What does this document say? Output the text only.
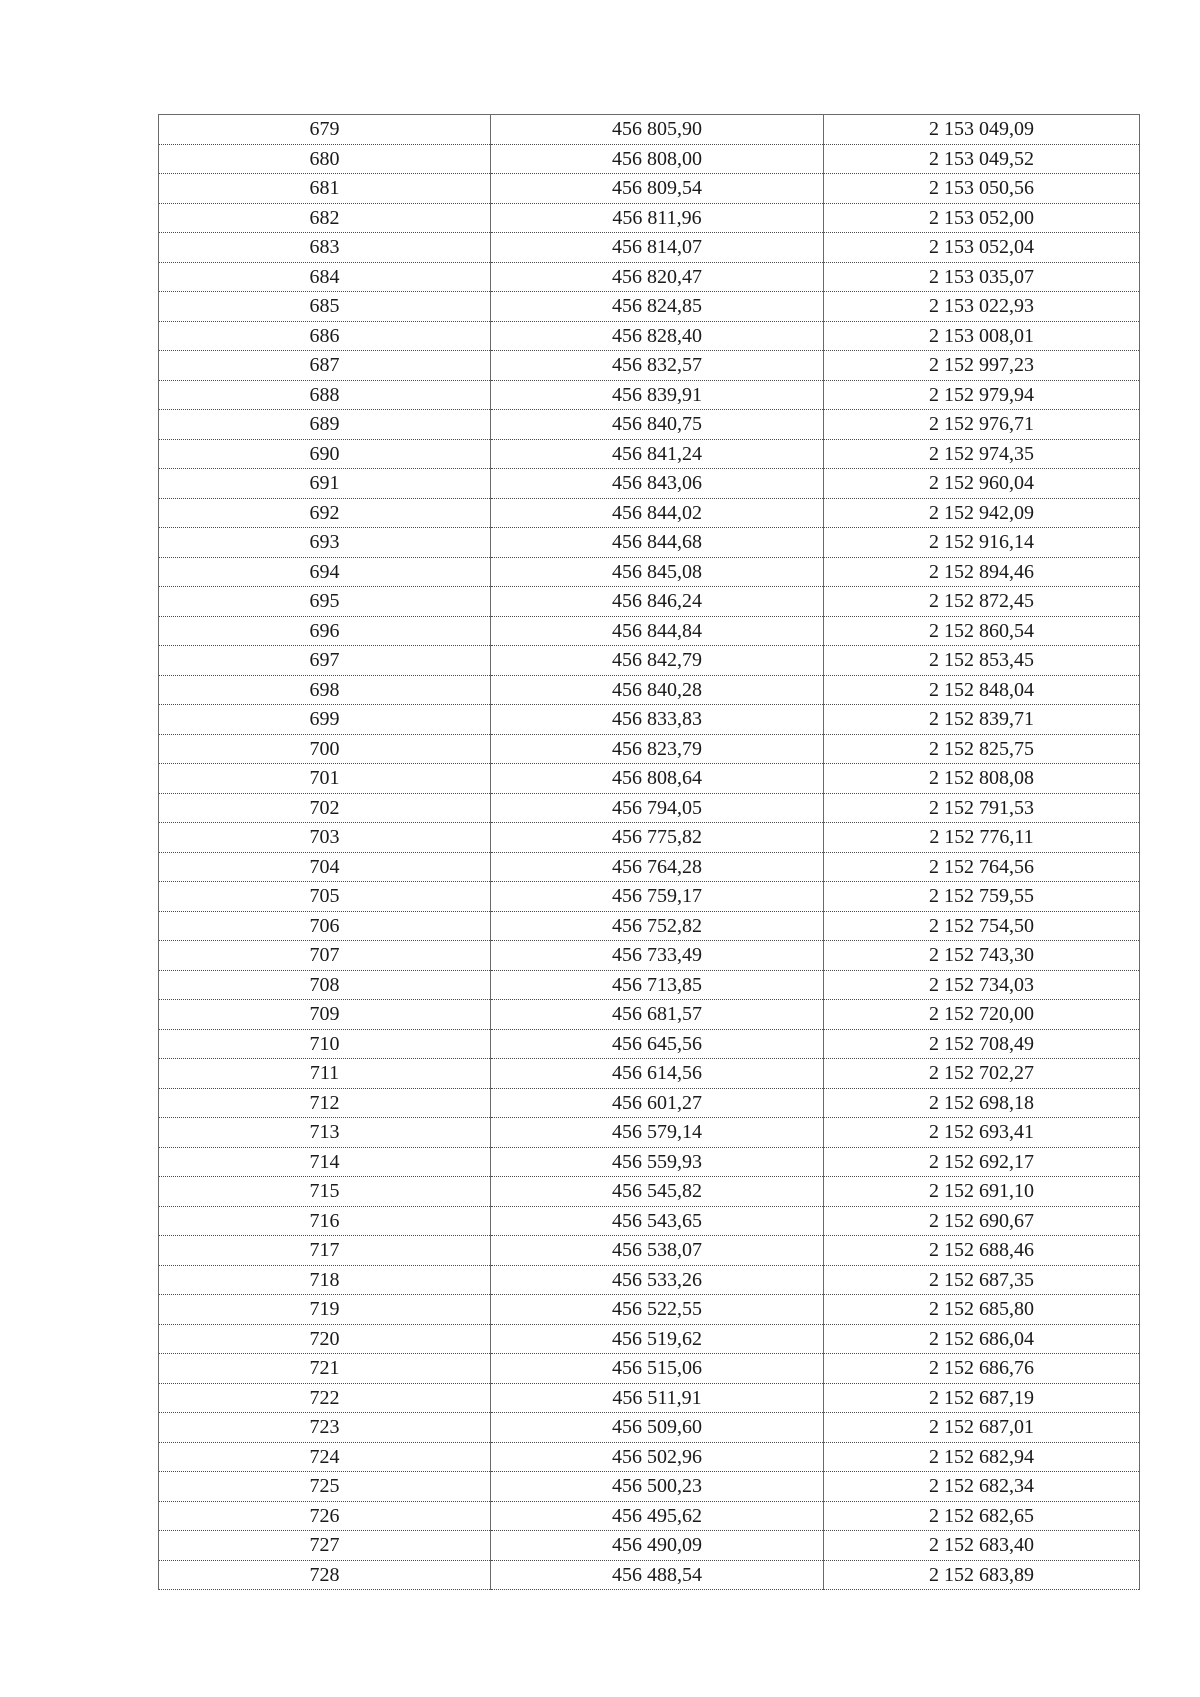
679	456 805,90	2 153 049,09
680	456 808,00	2 153 049,52
681	456 809,54	2 153 050,56
682	456 811,96	2 153 052,00
683	456 814,07	2 153 052,04
684	456 820,47	2 153 035,07
685	456 824,85	2 153 022,93
686	456 828,40	2 153 008,01
687	456 832,57	2 152 997,23
688	456 839,91	2 152 979,94
689	456 840,75	2 152 976,71
690	456 841,24	2 152 974,35
691	456 843,06	2 152 960,04
692	456 844,02	2 152 942,09
693	456 844,68	2 152 916,14
694	456 845,08	2 152 894,46
695	456 846,24	2 152 872,45
696	456 844,84	2 152 860,54
697	456 842,79	2 152 853,45
698	456 840,28	2 152 848,04
699	456 833,83	2 152 839,71
700	456 823,79	2 152 825,75
701	456 808,64	2 152 808,08
702	456 794,05	2 152 791,53
703	456 775,82	2 152 776,11
704	456 764,28	2 152 764,56
705	456 759,17	2 152 759,55
706	456 752,82	2 152 754,50
707	456 733,49	2 152 743,30
708	456 713,85	2 152 734,03
709	456 681,57	2 152 720,00
710	456 645,56	2 152 708,49
711	456 614,56	2 152 702,27
712	456 601,27	2 152 698,18
713	456 579,14	2 152 693,41
714	456 559,93	2 152 692,17
715	456 545,82	2 152 691,10
716	456 543,65	2 152 690,67
717	456 538,07	2 152 688,46
718	456 533,26	2 152 687,35
719	456 522,55	2 152 685,80
720	456 519,62	2 152 686,04
721	456 515,06	2 152 686,76
722	456 511,91	2 152 687,19
723	456 509,60	2 152 687,01
724	456 502,96	2 152 682,94
725	456 500,23	2 152 682,34
726	456 495,62	2 152 682,65
727	456 490,09	2 152 683,40
728	456 488,54	2 152 683,89
